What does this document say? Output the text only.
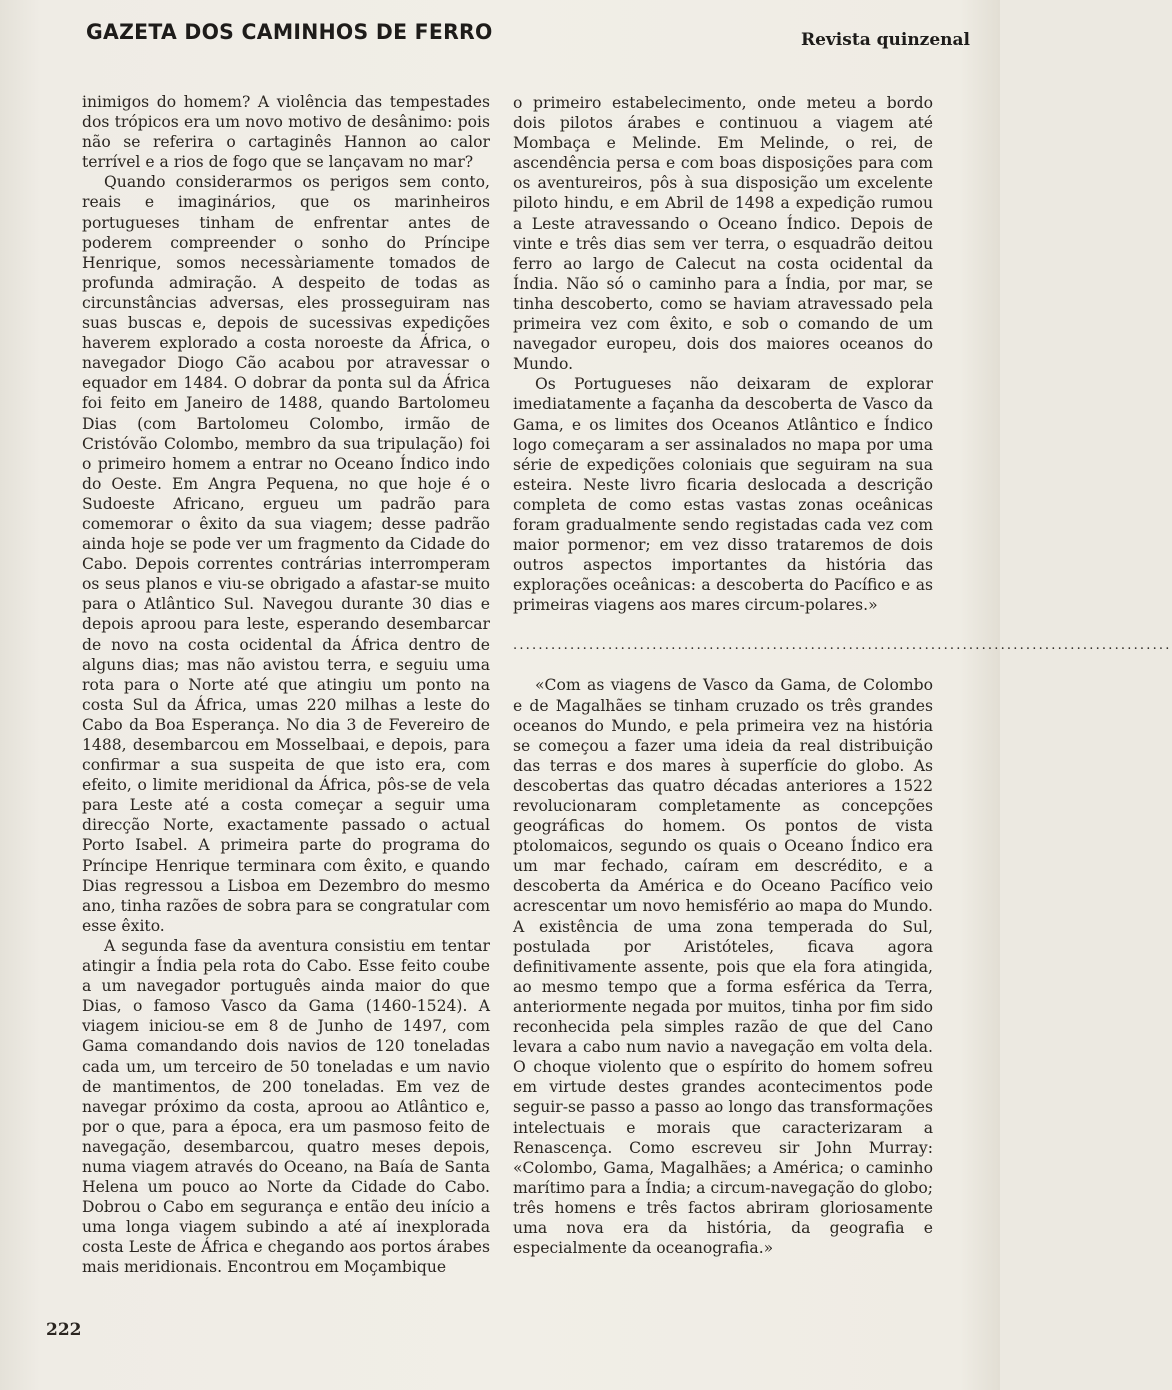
GAZETA DOS CAMINHOS DE FERRO	Revista quinzenal

inimigos do homem? A violência das tempestades dos trópicos era um novo motivo de desânimo: pois não se referira o cartaginês Hannon ao calor terrível e a rios de fogo que se lançavam no mar?

Quando considerarmos os perigos sem conto, reais e imaginários, que os marinheiros portugueses tinham de enfrentar antes de poderem compreender o sonho do Príncipe Henrique, somos necessàriamente tomados de profunda admiração. A despeito de todas as circunstâncias adversas, eles prosseguiram nas suas buscas e, depois de sucessivas expedições haverem explorado a costa noroeste da África, o navegador Diogo Cão acabou por atravessar o equador em 1484. O dobrar da ponta sul da África foi feito em Janeiro de 1488, quando Bartolomeu Dias (com Bartolomeu Colombo, irmão de Cristóvão Colombo, membro da sua tripulação) foi o primeiro homem a entrar no Oceano Índico indo do Oeste. Em Angra Pequena, no que hoje é o Sudoeste Africano, ergueu um padrão para comemorar o êxito da sua viagem; desse padrão ainda hoje se pode ver um fragmento da Cidade do Cabo. Depois correntes contrárias interromperam os seus planos e viu-se obrigado a afastar-se muito para o Atlântico Sul. Navegou durante 30 dias e depois aproou para leste, esperando desembarcar de novo na costa ocidental da África dentro de alguns dias; mas não avistou terra, e seguiu uma rota para o Norte até que atingiu um ponto na costa Sul da África, umas 220 milhas a leste do Cabo da Boa Esperança. No dia 3 de Fevereiro de 1488, desembarcou em Mosselbaai, e depois, para confirmar a sua suspeita de que isto era, com efeito, o limite meridional da África, pôs-se de vela para Leste até a costa começar a seguir uma direcção Norte, exactamente passado o actual Porto Isabel. A primeira parte do programa do Príncipe Henrique terminara com êxito, e quando Dias regressou a Lisboa em Dezembro do mesmo ano, tinha razões de sobra para se congratular com esse êxito.

A segunda fase da aventura consistiu em tentar atingir a Índia pela rota do Cabo. Esse feito coube a um navegador português ainda maior do que Dias, o famoso Vasco da Gama (1460-1524). A viagem iniciou-se em 8 de Junho de 1497, com Gama comandando dois navios de 120 toneladas cada um, um terceiro de 50 toneladas e um navio de mantimentos, de 200 toneladas. Em vez de navegar próximo da costa, aproou ao Atlântico e, por o que, para a época, era um pasmoso feito de navegação, desembarcou, quatro meses depois, numa viagem através do Oceano, na Baía de Santa Helena um pouco ao Norte da Cidade do Cabo. Dobrou o Cabo em segurança e então deu início a uma longa viagem subindo a até aí inexplorada costa Leste de África e chegando aos portos árabes mais meridionais. Encontrou em Moçambique

o primeiro estabelecimento, onde meteu a bordo dois pilotos árabes e continuou a viagem até Mombaça e Melinde. Em Melinde, o rei, de ascendência persa e com boas disposições para com os aventureiros, pôs à sua disposição um excelente piloto hindu, e em Abril de 1498 a expedição rumou a Leste atravessando o Oceano Índico. Depois de vinte e três dias sem ver terra, o esquadrão deitou ferro ao largo de Calecut na costa ocidental da Índia. Não só o caminho para a Índia, por mar, se tinha descoberto, como se haviam atravessado pela primeira vez com êxito, e sob o comando de um navegador europeu, dois dos maiores oceanos do Mundo.

Os Portugueses não deixaram de explorar imediatamente a façanha da descoberta de Vasco da Gama, e os limites dos Oceanos Atlântico e Índico logo começaram a ser assinalados no mapa por uma série de expedições coloniais que seguiram na sua esteira. Neste livro ficaria deslocada a descrição completa de como estas vastas zonas oceânicas foram gradualmente sendo registadas cada vez com maior pormenor; em vez disso trataremos de dois outros aspectos importantes da história das explorações oceânicas: a descoberta do Pacífico e as primeiras viagens aos mares circum-polares.»

........................................................................................................

«Com as viagens de Vasco da Gama, de Colombo e de Magalhães se tinham cruzado os três grandes oceanos do Mundo, e pela primeira vez na história se começou a fazer uma ideia da real distribuição das terras e dos mares à superfície do globo. As descobertas das quatro décadas anteriores a 1522 revolucionaram completamente as concepções geográficas do homem. Os pontos de vista ptolomaicos, segundo os quais o Oceano Índico era um mar fechado, caíram em descrédito, e a descoberta da América e do Oceano Pacífico veio acrescentar um novo hemisfério ao mapa do Mundo. A existência de uma zona temperada do Sul, postulada por Aristóteles, ficava agora definitivamente assente, pois que ela fora atingida, ao mesmo tempo que a forma esférica da Terra, anteriormente negada por muitos, tinha por fim sido reconhecida pela simples razão de que del Cano levara a cabo num navio a navegação em volta dela. O choque violento que o espírito do homem sofreu em virtude destes grandes acontecimentos pode seguir-se passo a passo ao longo das transformações intelectuais e morais que caracterizaram a Renascença. Como escreveu sir John Murray: «Colombo, Gama, Magalhães; a América; o caminho marítimo para a Índia; a circum-navegação do globo; três homens e três factos abriram gloriosamente uma nova era da história, da geografia e especialmente da oceanografia.»

222
